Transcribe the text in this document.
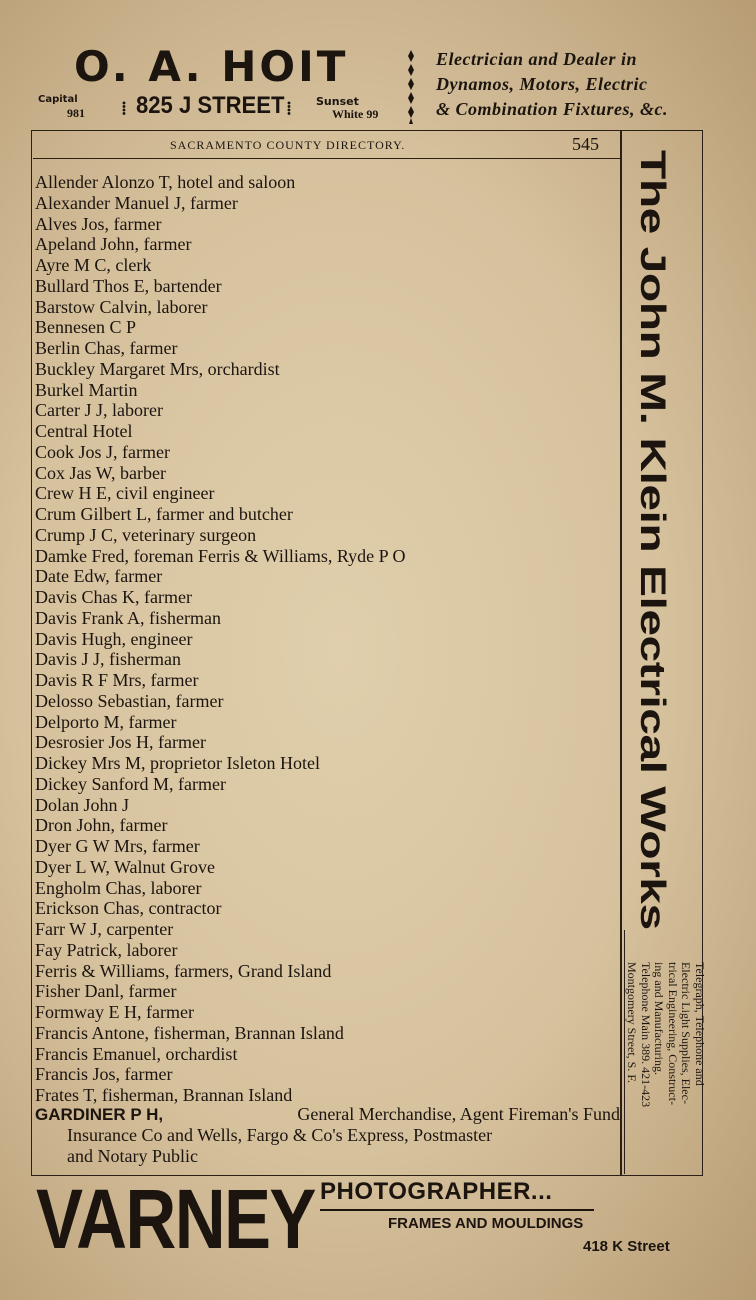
O. A. HOIT
Capital
981 ⁞ 825 J STREET ⁞ Sunset
White 99
Electrician and Dealer in
Dynamos, Motors, Electric
& Combination Fixtures, &c.
SACRAMENTO COUNTY DIRECTORY.	545
Allender Alonzo T, hotel and saloon
Alexander Manuel J, farmer
Alves Jos, farmer
Apeland John, farmer
Ayre M C, clerk
Bullard Thos E, bartender
Barstow Calvin, laborer
Bennesen C P
Berlin Chas, farmer
Buckley Margaret Mrs, orchardist
Burkel Martin
Carter J J, laborer
Central Hotel
Cook Jos J, farmer
Cox Jas W, barber
Crew H E, civil engineer
Crum Gilbert L, farmer and butcher
Crump J C, veterinary surgeon
Damke Fred, foreman Ferris & Williams, Ryde P O
Date Edw, farmer
Davis Chas K, farmer
Davis Frank A, fisherman
Davis Hugh, engineer
Davis J J, fisherman
Davis R F Mrs, farmer
Delosso Sebastian, farmer
Delporto M, farmer
Desrosier Jos H, farmer
Dickey Mrs M, proprietor Isleton Hotel
Dickey Sanford M, farmer
Dolan John J
Dron John, farmer
Dyer G W Mrs, farmer
Dyer L W, Walnut Grove
Engholm Chas, laborer
Erickson Chas, contractor
Farr W J, carpenter
Fay Patrick, laborer
Ferris & Williams, farmers, Grand Island
Fisher Danl, farmer
Formway E H, farmer
Francis Antone, fisherman, Brannan Island
Francis Emanuel, orchardist
Francis Jos, farmer
Frates T, fisherman, Brannan Island
GARDINER P H,	General Merchandise, Agent Fireman's Fund
Insurance Co and Wells, Fargo & Co's Express, Postmaster
and Notary Public
The John M. Klein Electrical Works
Telegraph, Telephone and
Electric Light Supplies, Elec-
trical Engineering, Construct-
ing and Manufacturing.
Telephone Main 389. 421-423
Montgomery Street, S. F.
VARNEY PHOTOGRAPHER...
FRAMES AND MOULDINGS
418 K Street
